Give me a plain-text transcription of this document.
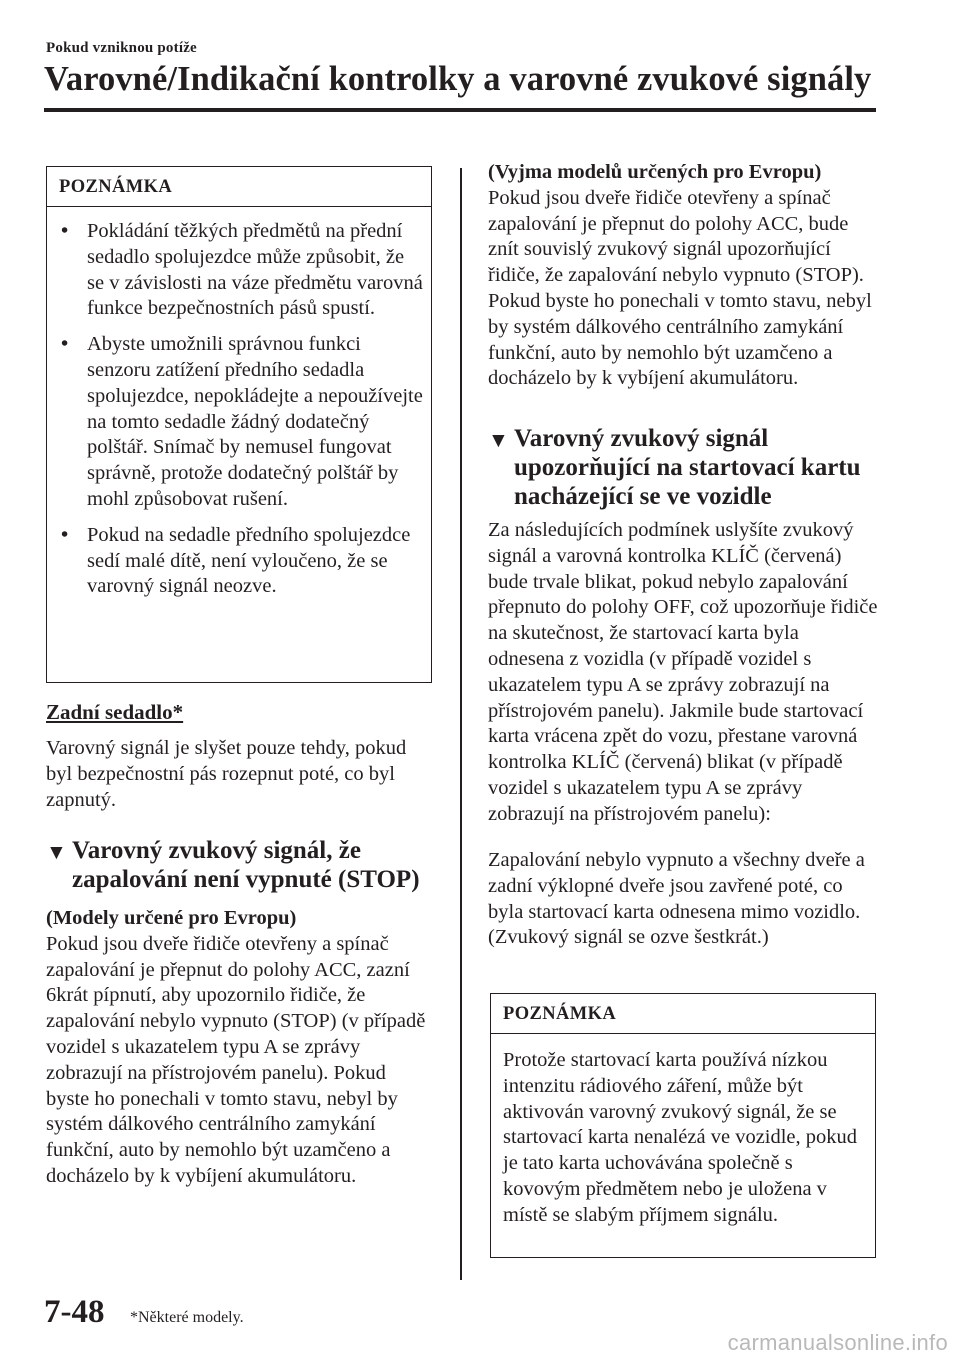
Pokud vzniknou potíže
Varovné/Indikační kontrolky a varovné zvukové signály
POZNÁMKA
• Pokládání těžkých předmětů na přední sedadlo spolujezdce může způsobit, že se v závislosti na váze předmětu varovná funkce bezpečnostních pásů spustí.
• Abyste umožnili správnou funkci senzoru zatížení předního sedadla spolujezdce, nepokládejte a nepoužívejte na tomto sedadle žádný dodatečný polštář. Snímač by nemusel fungovat správně, protože dodatečný polštář by mohl způsobovat rušení.
• Pokud na sedadle předního spolujezdce sedí malé dítě, není vyloučeno, že se varovný signál neozve.
Zadní sedadlo*

Varovný signál je slyšet pouze tehdy, pokud byl bezpečnostní pás rozepnut poté, co byl zapnutý.

▼ Varovný zvukový signál, že zapalování není vypnuté (STOP)

(Modely určené pro Evropu)
Pokud jsou dveře řidiče otevřeny a spínač zapalování je přepnut do polohy ACC, zazní 6krát pípnutí, aby upozornilo řidiče, že zapalování nebylo vypnuto (STOP) (v případě vozidel s ukazatelem typu A se zprávy zobrazují na přístrojovém panelu). Pokud byste ho ponechali v tomto stavu, nebyl by systém dálkového centrálního zamykání funkční, auto by nemohlo být uzamčeno a docházelo by k vybíjení akumulátoru.

(Vyjma modelů určených pro Evropu)
Pokud jsou dveře řidiče otevřeny a spínač zapalování je přepnut do polohy ACC, bude znít souvislý zvukový signál upozorňující řidiče, že zapalování nebylo vypnuto (STOP). Pokud byste ho ponechali v tomto stavu, nebyl by systém dálkového centrálního zamykání funkční, auto by nemohlo být uzamčeno a docházelo by k vybíjení akumulátoru.

▼ Varovný zvukový signál upozorňující na startovací kartu nacházející se ve vozidle

Za následujících podmínek uslyšíte zvukový signál a varovná kontrolka KLÍČ (červená) bude trvale blikat, pokud nebylo zapalování přepnuto do polohy OFF, což upozorňuje řidiče na skutečnost, že startovací karta byla odnesena z vozidla (v případě vozidel s ukazatelem typu A se zprávy zobrazují na přístrojovém panelu). Jakmile bude startovací karta vrácena zpět do vozu, přestane varovná kontrolka KLÍČ (červená) blikat (v případě vozidel s ukazatelem typu A se zprávy zobrazují na přístrojovém panelu):

Zapalování nebylo vypnuto a všechny dveře a zadní výklopné dveře jsou zavřené poté, co byla startovací karta odnesena mimo vozidlo. (Zvukový signál se ozve šestkrát.)

POZNÁMKA
Protože startovací karta používá nízkou intenzitu rádiového záření, může být aktivován varovný zvukový signál, že se startovací karta nenalézá ve vozidle, pokud je tato karta uchovávána společně s kovovým předmětem nebo je uložena v místě se slabým příjmem signálu.
7-48 *Některé modely.
carmanualsonline.info
